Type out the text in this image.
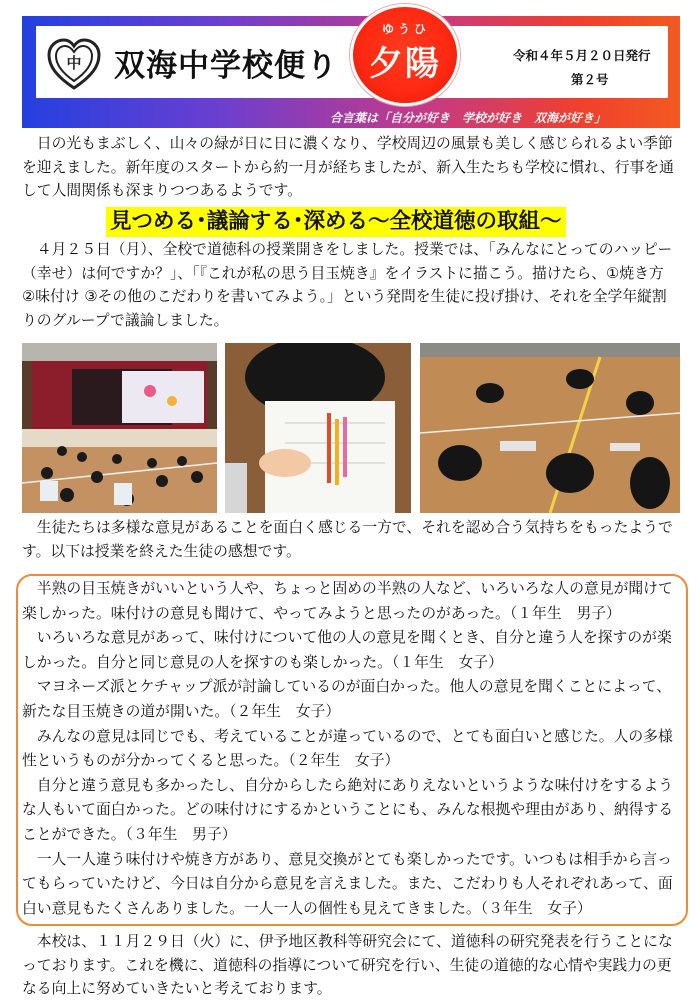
中 双海中学校便り
ゆうひ
夕陽	令和４年５月２０日発行
第２号
合言葉は「自分が好き　学校が好き　双海が好き」

日の光もまぶしく、山々の緑が日に日に濃くなり、学校周辺の風景も美しく感じられるよい季節を迎えました。新年度のスタートから約一月が経ちましたが、新入生たちも学校に慣れ、行事を通して人間関係も深まりつつあるようです。

見つめる･議論する･深める～全校道徳の取組～

４月２５日（月）、全校で道徳科の授業開きをしました。授業では、「みんなにとってのハッピー（幸せ）は何ですか？」、「『これが私の思う目玉焼き』をイラストに描こう。描けたら、①焼き方 ②味付け ③その他のこだわりを書いてみよう。」という発問を生徒に投げ掛け、それを全学年縦割りのグループで議論しました。

生徒たちは多様な意見があることを面白く感じる一方で、それを認め合う気持ちをもったようです。以下は授業を終えた生徒の感想です。

半熟の目玉焼きがいいという人や、ちょっと固めの半熟の人など、いろいろな人の意見が聞けて楽しかった。味付けの意見も聞けて、やってみようと思ったのがあった。（１年生　男子）

いろいろな意見があって、味付けについて他の人の意見を聞くとき、自分と違う人を探すのが楽しかった。自分と同じ意見の人を探すのも楽しかった。（１年生　女子）

マヨネーズ派とケチャップ派が討論しているのが面白かった。他人の意見を聞くことによって、新たな目玉焼きの道が開いた。（２年生　女子）

みんなの意見は同じでも、考えていることが違っているので、とても面白いと感じた。人の多様性というものが分かってくると思った。（２年生　女子）

自分と違う意見も多かったし、自分からしたら絶対にありえないというような味付けをするような人もいて面白かった。どの味付けにするかということにも、みんな根拠や理由があり、納得することができた。（３年生　男子）

一人一人違う味付けや焼き方があり、意見交換がとても楽しかったです。いつもは相手から言ってもらっていたけど、今日は自分から意見を言えました。また、こだわりも人それぞれあって、面白い意見もたくさんありました。一人一人の個性も見えてきました。（３年生　女子）

本校は、１１月２９日（火）に、伊予地区教科等研究会にて、道徳科の研究発表を行うことになっております。これを機に、道徳科の指導について研究を行い、生徒の道徳的な心情や実践力の更なる向上に努めていきたいと考えております。
